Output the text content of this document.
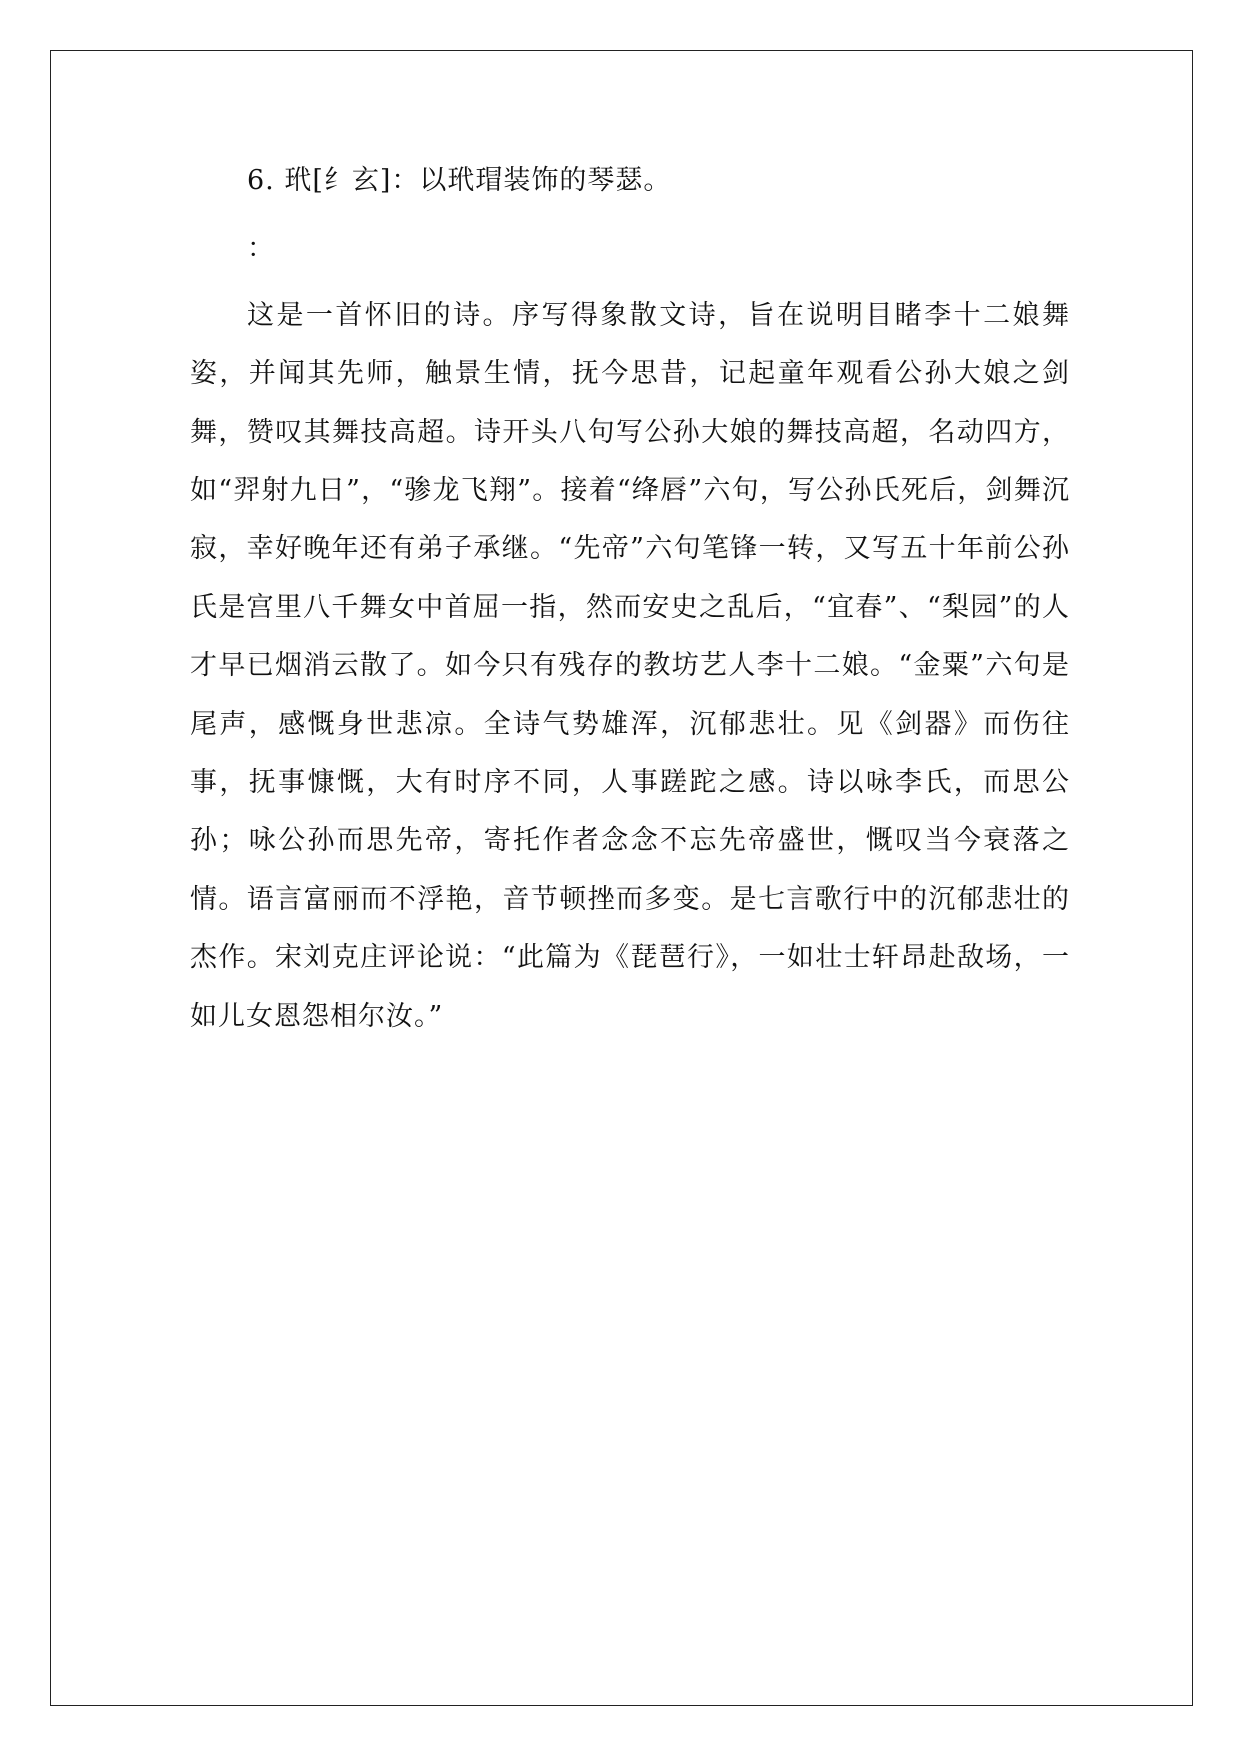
6. 玳[纟玄]：以玳瑁装饰的琴瑟。

：

这是一首怀旧的诗。序写得象散文诗，旨在说明目睹李十二娘舞姿，并闻其先师，触景生情，抚今思昔，记起童年观看公孙大娘之剑舞，赞叹其舞技高超。诗开头八句写公孙大娘的舞技高超，名动四方，如“羿射九日”，“骖龙飞翔”。接着“绛唇”六句，写公孙氏死后，剑舞沉寂，幸好晚年还有弟子承继。“先帝”六句笔锋一转，又写五十年前公孙氏是宫里八千舞女中首屈一指，然而安史之乱后，“宜春”、“梨园”的人才早已烟消云散了。如今只有残存的教坊艺人李十二娘。“金粟”六句是尾声，感慨身世悲凉。全诗气势雄浑，沉郁悲壮。见《剑器》而伤往事，抚事慷慨，大有时序不同，人事蹉跎之感。诗以咏李氏，而思公孙；咏公孙而思先帝，寄托作者念念不忘先帝盛世，慨叹当今衰落之情。语言富丽而不浮艳，音节顿挫而多变。是七言歌行中的沉郁悲壮的杰作。宋刘克庄评论说：“此篇为《琵琶行》，一如壮士轩昂赴敌场，一如儿女恩怨相尔汝。”
